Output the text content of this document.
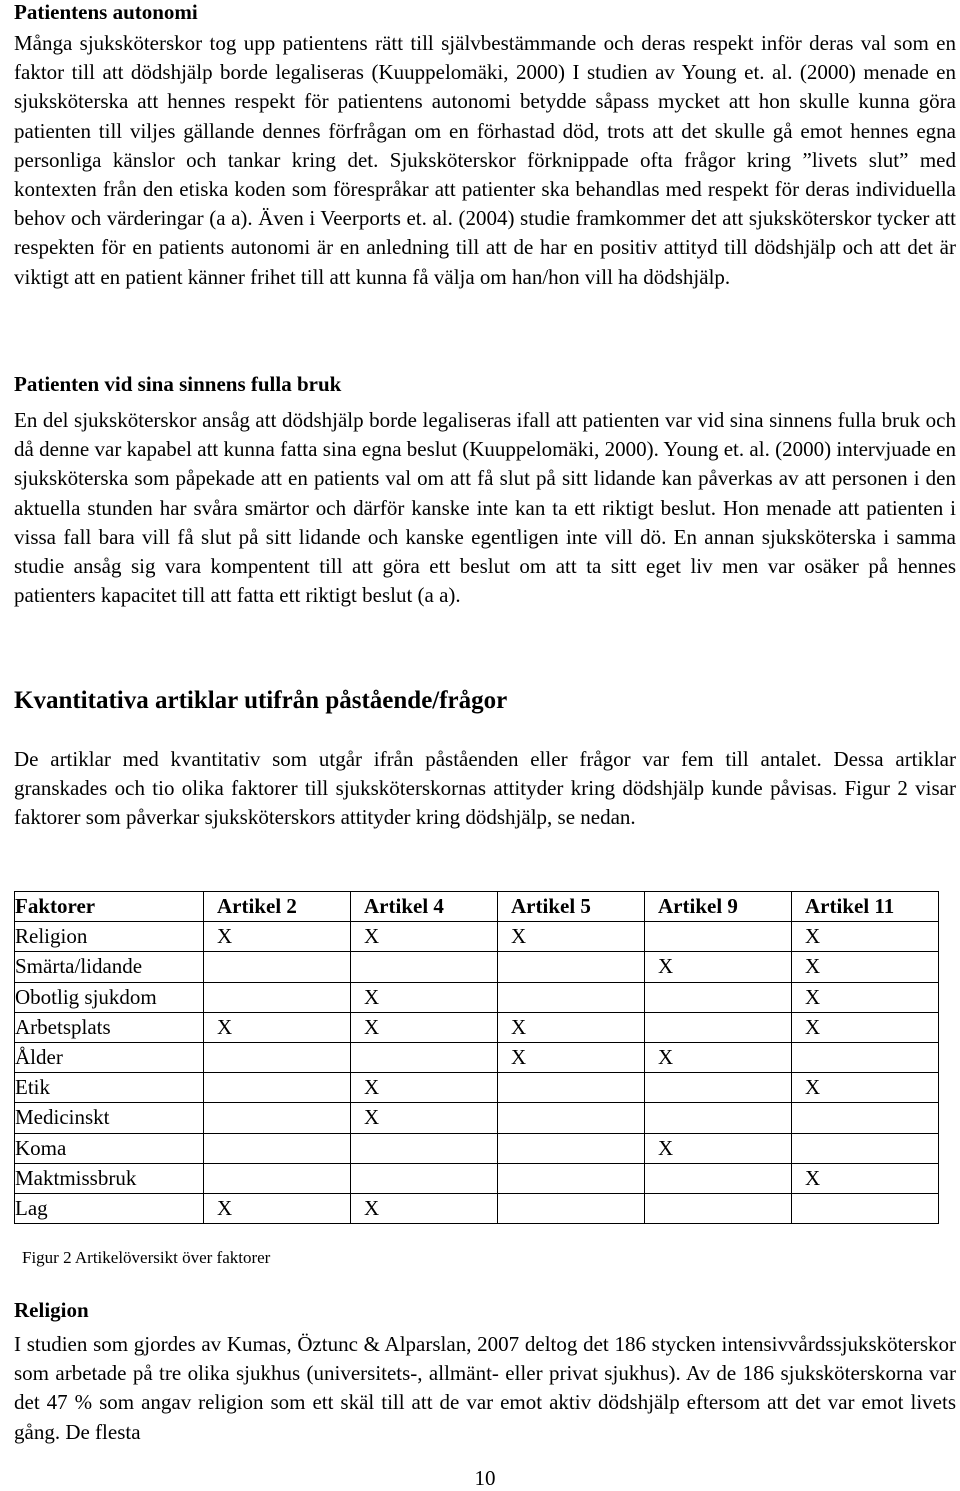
Patientens autonomi

Många sjuksköterskor tog upp patientens rätt till självbestämmande och deras respekt inför deras val som en faktor till att dödshjälp borde legaliseras (Kuuppelomäki, 2000) I studien av Young et. al. (2000) menade en sjuksköterska att hennes respekt för patientens autonomi betydde såpass mycket att hon skulle kunna göra patienten till viljes gällande dennes förfrågan om en förhastad död, trots att det skulle gå emot hennes egna personliga känslor och tankar kring det. Sjuksköterskor förknippade ofta frågor kring ”livets slut” med kontexten från den etiska koden som förespråkar att patienter ska behandlas med respekt för deras individuella behov och värderingar (a a). Även i Veerports et. al. (2004) studie framkommer det att sjuksköterskor tycker att respekten för en patients autonomi är en anledning till att de har en positiv attityd till dödshjälp och att det är viktigt att en patient känner frihet till att kunna få välja om han/hon vill ha dödshjälp.

Patienten vid sina sinnens fulla bruk

En del sjuksköterskor ansåg att dödshjälp borde legaliseras ifall att patienten var vid sina sinnens fulla bruk och då denne var kapabel att kunna fatta sina egna beslut (Kuuppelomäki, 2000). Young et. al. (2000) intervjuade en sjuksköterska som påpekade att en patients val om att få slut på sitt lidande kan påverkas av att personen i den aktuella stunden har svåra smärtor och därför kanske inte kan ta ett riktigt beslut. Hon menade att patienten i vissa fall bara vill få slut på sitt lidande och kanske egentligen inte vill dö. En annan sjuksköterska i samma studie ansåg sig vara kompentent till att göra ett beslut om att ta sitt eget liv men var osäker på hennes patienters kapacitet till att fatta ett riktigt beslut (a a).

Kvantitativa artiklar utifrån påstående/frågor

De artiklar med kvantitativ som utgår ifrån påståenden eller frågor var fem till antalet. Dessa artiklar granskades och tio olika faktorer till sjuksköterskornas attityder kring dödshjälp kunde påvisas. Figur 2 visar faktorer som påverkar sjuksköterskors attityder kring dödshjälp, se nedan.

Faktorer	Artikel 2	Artikel 4	Artikel 5	Artikel 9	Artikel 11
Religion	X	X	X		X
Smärta/lidande				X	X
Obotlig sjukdom		X			X
Arbetsplats	X	X	X		X
Ålder			X	X	
Etik		X			X
Medicinskt		X			
Koma				X	
Maktmissbruk					X
Lag	X	X			
Figur 2 Artikelöversikt över faktorer
Religion

I studien som gjordes av Kumas, Öztunc & Alparslan, 2007 deltog det 186 stycken intensivvårdssjuksköterskor som arbetade på tre olika sjukhus (universitets-, allmänt- eller privat sjukhus). Av de 186 sjuksköterskorna var det 47 % som angav religion som ett skäl till att de var emot aktiv dödshjälp eftersom att det var emot livets gång. De flesta

10
